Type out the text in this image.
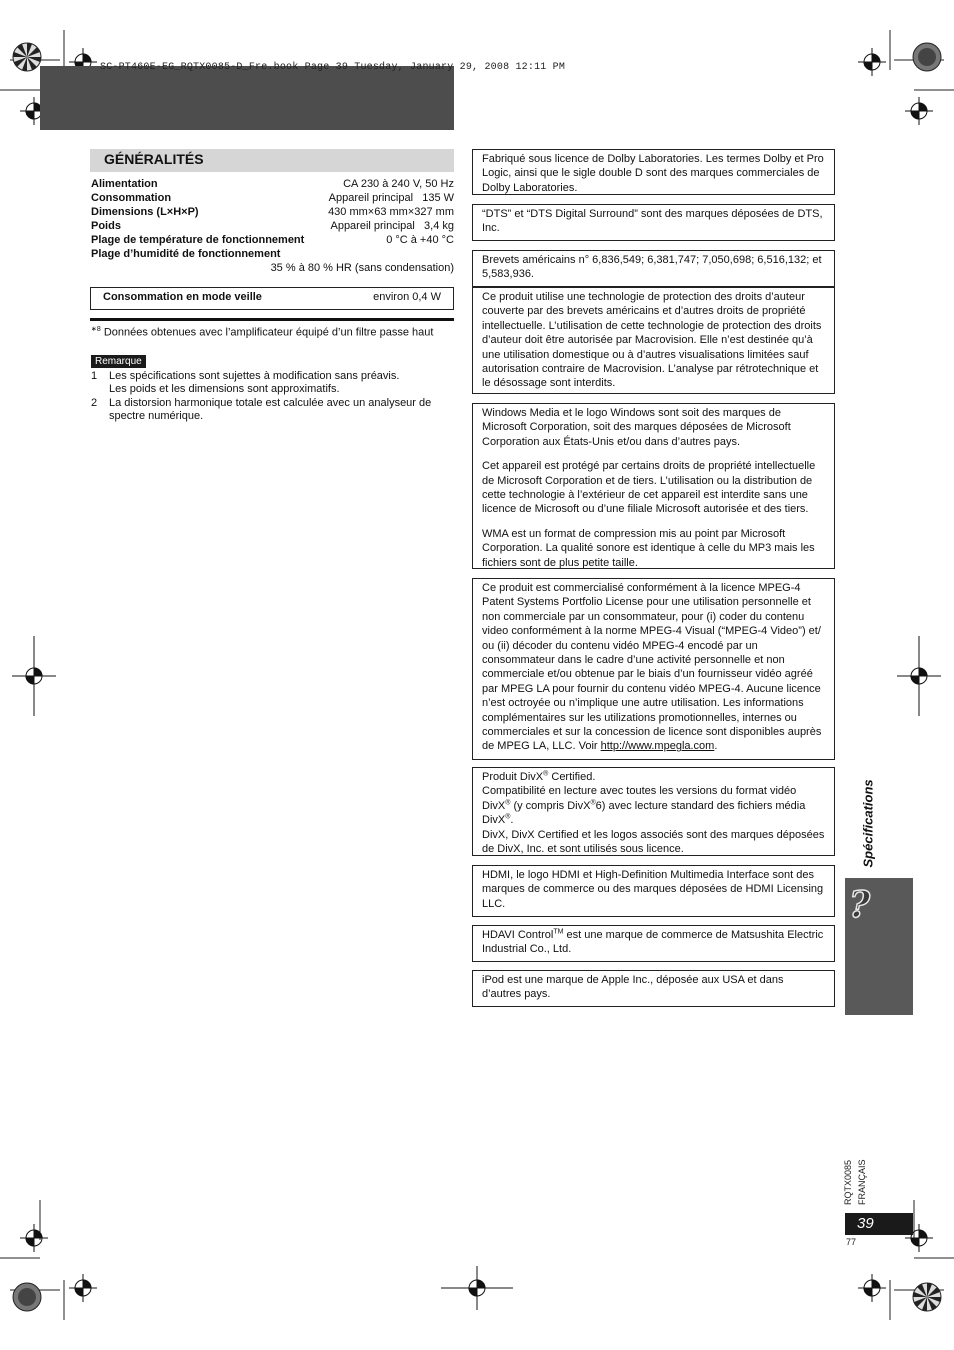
SC-PT460E-EG_RQTX0085-D_Fre.book Page 39 Tuesday, January 29, 2008 12:11 PM
GÉNÉRALITÉS
Alimentation	CA 230 à 240 V, 50 Hz
Consommation	Appareil principal   135 W
Dimensions (L×H×P)	430 mm×63 mm×327 mm
Poids	Appareil principal   3,4 kg
Plage de température de fonctionnement	0 °C à +40 °C
Plage d’humidité de fonctionnement
35 % à 80 % HR (sans condensation)
Consommation en mode veille	environ 0,4 W
$^{∗8}$ Données obtenues avec l’amplificateur équipé d’un filtre passe haut
Remarque
1 Les spécifications sont sujettes à modification sans préavis.
Les poids et les dimensions sont approximatifs.
2 La distorsion harmonique totale est calculée avec un analyseur de
spectre numérique.

Fabriqué sous licence de Dolby Laboratories. Les termes Dolby et Pro Logic, ainsi que le sigle double D sont des marques commerciales de Dolby Laboratories.

“DTS” et “DTS Digital Surround” sont des marques déposées de DTS, Inc.

Brevets américains n° 6,836,549; 6,381,747; 7,050,698; 6,516,132; et 5,583,936.

Ce produit utilise une technologie de protection des droits d’auteur couverte par des brevets américains et d’autres droits de propriété intellectuelle. L’utilisation de cette technologie de protection des droits d’auteur doit être autorisée par Macrovision. Elle n’est destinée qu’à une utilisation domestique ou à d’autres visualisations limitées sauf autorisation contraire de Macrovision. L’analyse par rétrotechnique et le désossage sont interdits.

Windows Media et le logo Windows sont soit des marques de Microsoft Corporation, soit des marques déposées de Microsoft Corporation aux États-Unis et/ou dans d’autres pays.

Cet appareil est protégé par certains droits de propriété intellectuelle de Microsoft Corporation et de tiers. L’utilisation ou la distribution de cette technologie à l’extérieur de cet appareil est interdite sans une licence de Microsoft ou d’une filiale Microsoft autorisée et des tiers.

WMA est un format de compression mis au point par Microsoft Corporation. La qualité sonore est identique à celle du MP3 mais les fichiers sont de plus petite taille.

Ce produit est commercialisé conformément à la licence MPEG-4 Patent Systems Portfolio License pour une utilisation personnelle et non commerciale par un consommateur, pour (i) coder du contenu video conformément à la norme MPEG-4 Visual (“MPEG-4 Video”) et/ ou (ii) décoder du contenu vidéo MPEG-4 encodé par un consommateur dans le cadre d’une activité personnelle et non commerciale et/ou obtenue par le biais d’un fournisseur vidéo agréé par MPEG LA pour fournir du contenu vidéo MPEG-4. Aucune licence n’est octroyée ou n’implique une autre utilisation. Les informations complémentaires sur les utilizations promotionnelles, internes ou commerciales et sur la concession de licence sont disponibles auprès de MPEG LA, LLC. Voir http://www.mpegla.com.

Produit DivX® Certified.
Compatibilité en lecture avec toutes les versions du format vidéo
DivX® (y compris DivX®6) avec lecture standard des fichiers média
DivX®.
DivX, DivX Certified et les logos associés sont des marques déposées de DivX, Inc. et sont utilisés sous licence.

HDMI, le logo HDMI et High-Definition Multimedia Interface sont des marques de commerce ou des marques déposées de HDMI Licensing LLC.

HDAVI Control™ est une marque de commerce de Matsushita Electric Industrial Co., Ltd.

iPod est une marque de Apple Inc., déposée aux USA et dans d’autres pays.

Spécifications
?
RQTX0085 FRANÇAIS
39
77
